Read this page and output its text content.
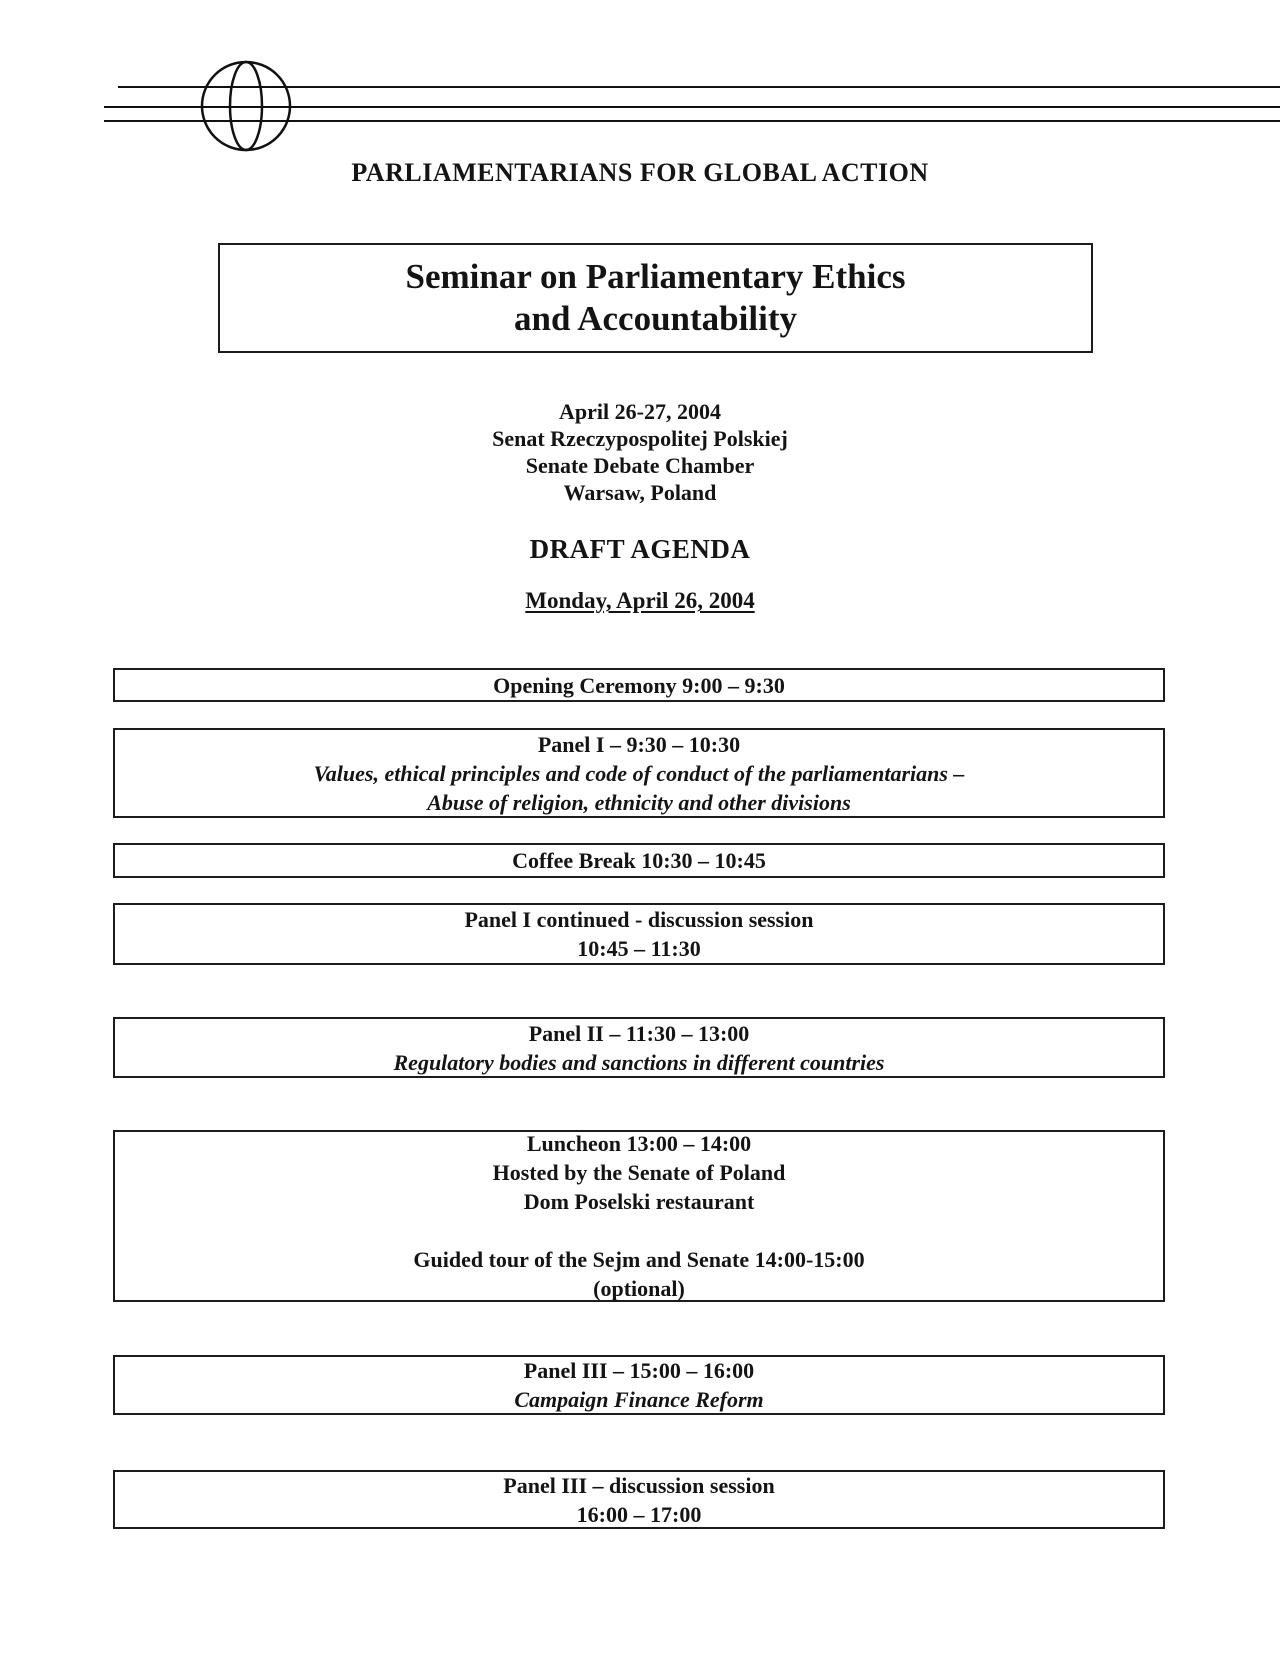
PARLIAMENTARIANS FOR GLOBAL ACTION
Seminar on Parliamentary Ethics
and Accountability
April 26-27, 2004
Senat Rzeczypospolitej Polskiej
Senate Debate Chamber
Warsaw, Poland
DRAFT AGENDA
Monday, April 26, 2004
Opening Ceremony 9:00 – 9:30
Panel I – 9:30 – 10:30
Values, ethical principles and code of conduct of the parliamentarians –
Abuse of religion, ethnicity and other divisions
Coffee Break 10:30 – 10:45
Panel I continued - discussion session
10:45 – 11:30
Panel II – 11:30 – 13:00
Regulatory bodies and sanctions in different countries
Luncheon 13:00 – 14:00
Hosted by the Senate of Poland
Dom Poselski restaurant
Guided tour of the Sejm and Senate 14:00-15:00
(optional)
Panel III – 15:00 – 16:00
Campaign Finance Reform
Panel III – discussion session
16:00 – 17:00
